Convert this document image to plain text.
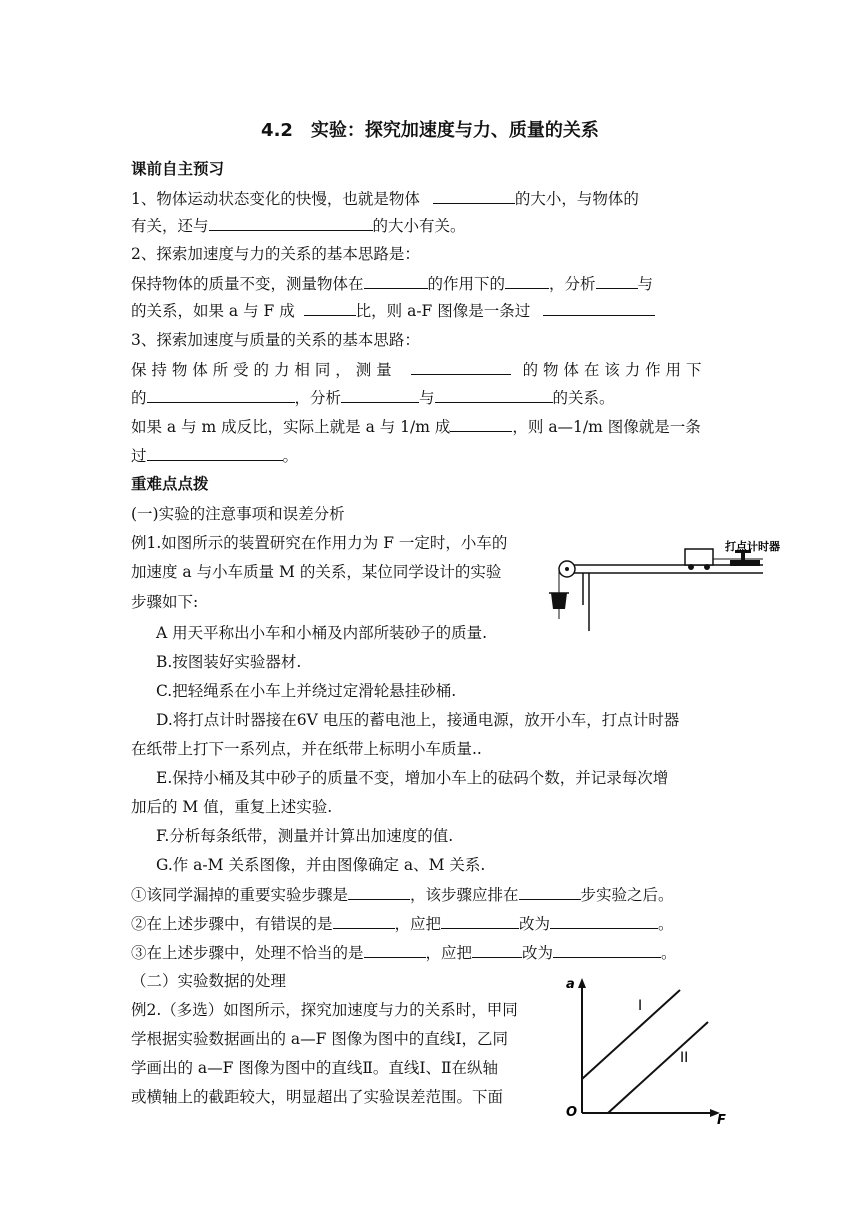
4.2　实验：探究加速度与力、质量的关系
课前自主预习
1、物体运动状态变化的快慢，也就是物体	的大小，与物体的
有关，还与	的大小有关。
2、探索加速度与力的关系的基本思路是：
保持物体的质量不变，测量物体在	的作用下的	，分析	与
的关系，如果 a 与 F 成	比，则 a-F 图像是一条过
3、探索加速度与质量的关系的基本思路：
保 持 物 体 所 受 的 力 相 同 ， 测 量	的 物 体 在 该 力 作 用 下
的	，分析	与	的关系。
如果 a 与 m 成反比，实际上就是 a 与 1/m 成	，则 a—1/m 图像就是一条
过	。
重难点点拨
(一)实验的注意事项和误差分析
例1.如图所示的装置研究在作用力为 F 一定时，小车的
加速度 a 与小车质量 M 的关系，某位同学设计的实验
步骤如下:
打点计时器
A 用天平称出小车和小桶及内部所装砂子的质量.
B.按图装好实验器材.
C.把轻绳系在小车上并绕过定滑轮悬挂砂桶.
D.将打点计时器接在6V 电压的蓄电池上，接通电源，放开小车，打点计时器
在纸带上打下一系列点，并在纸带上标明小车质量..
E.保持小桶及其中砂子的质量不变，增加小车上的砝码个数，并记录每次增
加后的 M 值，重复上述实验.
F.分析每条纸带，测量并计算出加速度的值.
G.作 a-M 关系图像，并由图像确定 a、M 关系.
①该同学漏掉的重要实验步骤是	，该步骤应排在	步实验之后。
②在上述步骤中，有错误的是	，应把	改为	。
③在上述步骤中，处理不恰当的是	，应把	改为	。
（二）实验数据的处理
例2.（多选）如图所示，探究加速度与力的关系时，甲同
学根据实验数据画出的 a—F 图像为图中的直线Ⅰ，乙同
学画出的 a—F 图像为图中的直线Ⅱ。直线Ⅰ、Ⅱ在纵轴
或横轴上的截距较大，明显超出了实验误差范围。下面
a
F
O
I
II
